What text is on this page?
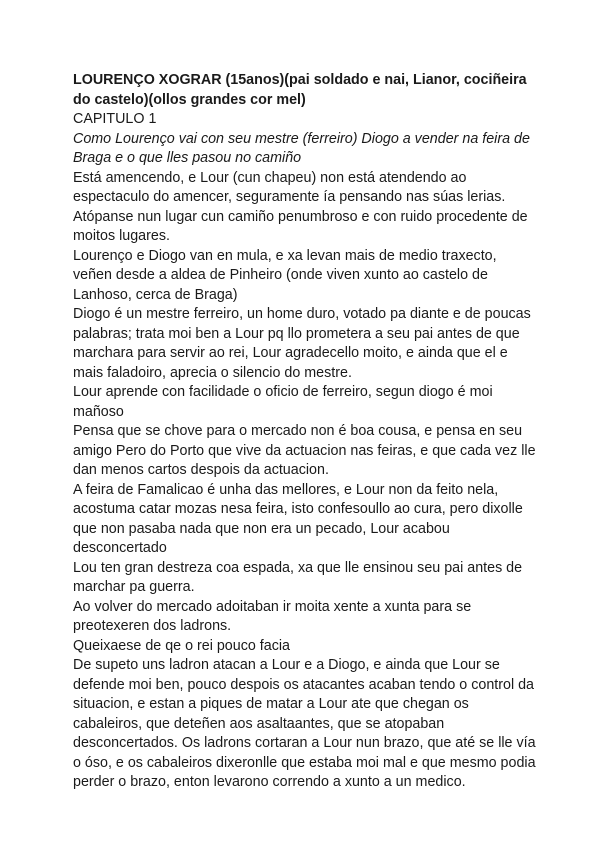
LOURENÇO XOGRAR (15anos)(pai soldado e nai, Lianor, cociñeira do castelo)(ollos grandes cor mel)

CAPITULO 1

Como Lourenço vai con seu mestre (ferreiro) Diogo a vender na feira de Braga e o que lles pasou no camiño

Está amencendo, e Lour (cun chapeu) non está atendendo ao espectaculo do amencer, seguramente ía pensando nas súas lerias.

Atópanse nun lugar cun camiño penumbroso e con ruido procedente de moitos lugares.

Lourenço e Diogo van en mula, e xa levan mais de medio traxecto, veñen desde a aldea de Pinheiro (onde viven xunto ao castelo de Lanhoso, cerca de Braga)

Diogo é un mestre ferreiro, un home duro, votado pa diante e de poucas palabras; trata moi ben a Lour pq llo prometera a seu pai antes de que marchara para servir ao rei, Lour agradecello moito, e ainda que el e mais faladoiro, aprecia o silencio do mestre.

Lour aprende con facilidade o oficio de ferreiro, segun diogo é moi mañoso

Pensa que se chove para o mercado non é boa cousa, e pensa en seu amigo Pero do Porto que vive da actuacion nas feiras, e que cada vez lle dan menos cartos despois da actuacion.

A feira de Famalicao é unha das mellores, e Lour non da feito nela, acostuma catar mozas nesa feira, isto confesoullo ao cura, pero dixolle que non pasaba nada que non era un pecado, Lour acabou desconcertado

Lou ten gran destreza coa espada, xa que lle ensinou seu pai antes de marchar pa guerra.

Ao volver do mercado adoitaban ir moita xente a xunta para se preotexeren dos ladrons.

Queixaese de qe o rei pouco facia

De supeto uns ladron atacan a Lour e a Diogo, e ainda que Lour se defende moi ben, pouco despois os atacantes acaban tendo o control da situacion, e estan a piques de matar a Lour ate que chegan os cabaleiros, que deteñen aos asaltaantes, que se atopaban desconcertados. Os ladrons cortaran a Lour nun brazo, que até se lle vía o ós​o, e os cabaleiros dixeronlle que estaba moi mal e que mesmo podia perder o brazo, enton levarono correndo a xunto a un medico.
